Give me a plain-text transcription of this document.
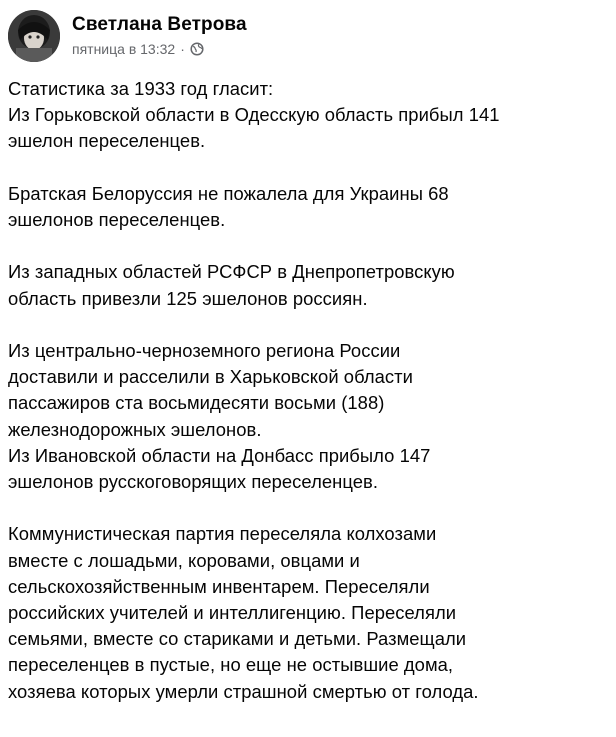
Светлана Ветрова
пятница в 13:32 ·
Статистика за 1933 год гласит:
Из Горьковской области в Одесскую область прибыл 141
эшелон переселенцев.
Братская Белоруссия не пожалела для Украины 68
эшелонов переселенцев.
Из западных областей РСФСР в Днепропетровскую
область привезли 125 эшелонов россиян.
Из центрально-черноземного региона России
доставили и расселили в Харьковской области
пассажиров ста восьмидесяти восьми (188)
железнодорожных эшелонов.
Из Ивановской области на Донбасс прибыло 147
эшелонов русскоговорящих переселенцев.
Коммунистическая партия переселяла колхозами
вместе с лошадьми, коровами, овцами и
сельскохозяйственным инвентарем. Переселяли
российских учителей и интеллигенцию. Переселяли
семьями, вместе со стариками и детьми. Размещали
переселенцев в пустые, но еще не остывшие дома,
хозяева которых умерли страшной смертью от голода.
